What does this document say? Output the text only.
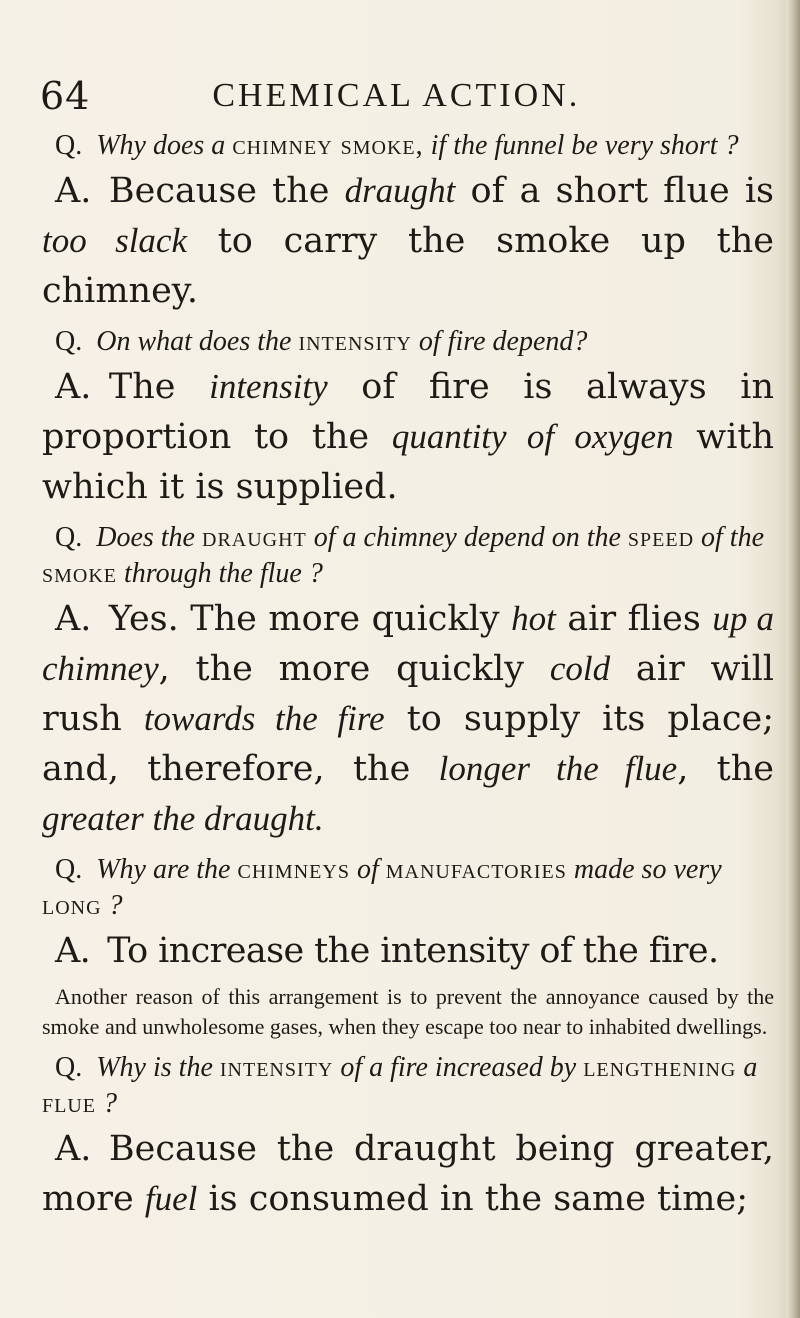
64	CHEMICAL ACTION.

Q.  Why does a chimney smoke, if the funnel be very short ?

A.  Because the draught of a short flue is too slack to carry the smoke up the chimney.

Q.  On what does the intensity of fire depend?

A.  The intensity of fire is always in proportion to the quantity of oxygen with which it is supplied.

Q.  Does the draught of a chimney depend on the speed of the smoke through the flue ?

A.  Yes. The more quickly hot air flies up a chimney, the more quickly cold air will rush towards the fire to supply its place; and, therefore, the longer the flue, the greater the draught.

Q.  Why are the chimneys of manufactories made so very long ?

A.  To increase the intensity of the fire.

Another reason of this arrangement is to prevent the annoyance caused by the smoke and unwholesome gases, when they escape too near to inhabited dwellings.

Q.  Why is the intensity of a fire increased by lengthening a flue ?

A.  Because the draught being greater, more fuel is consumed in the same time;
